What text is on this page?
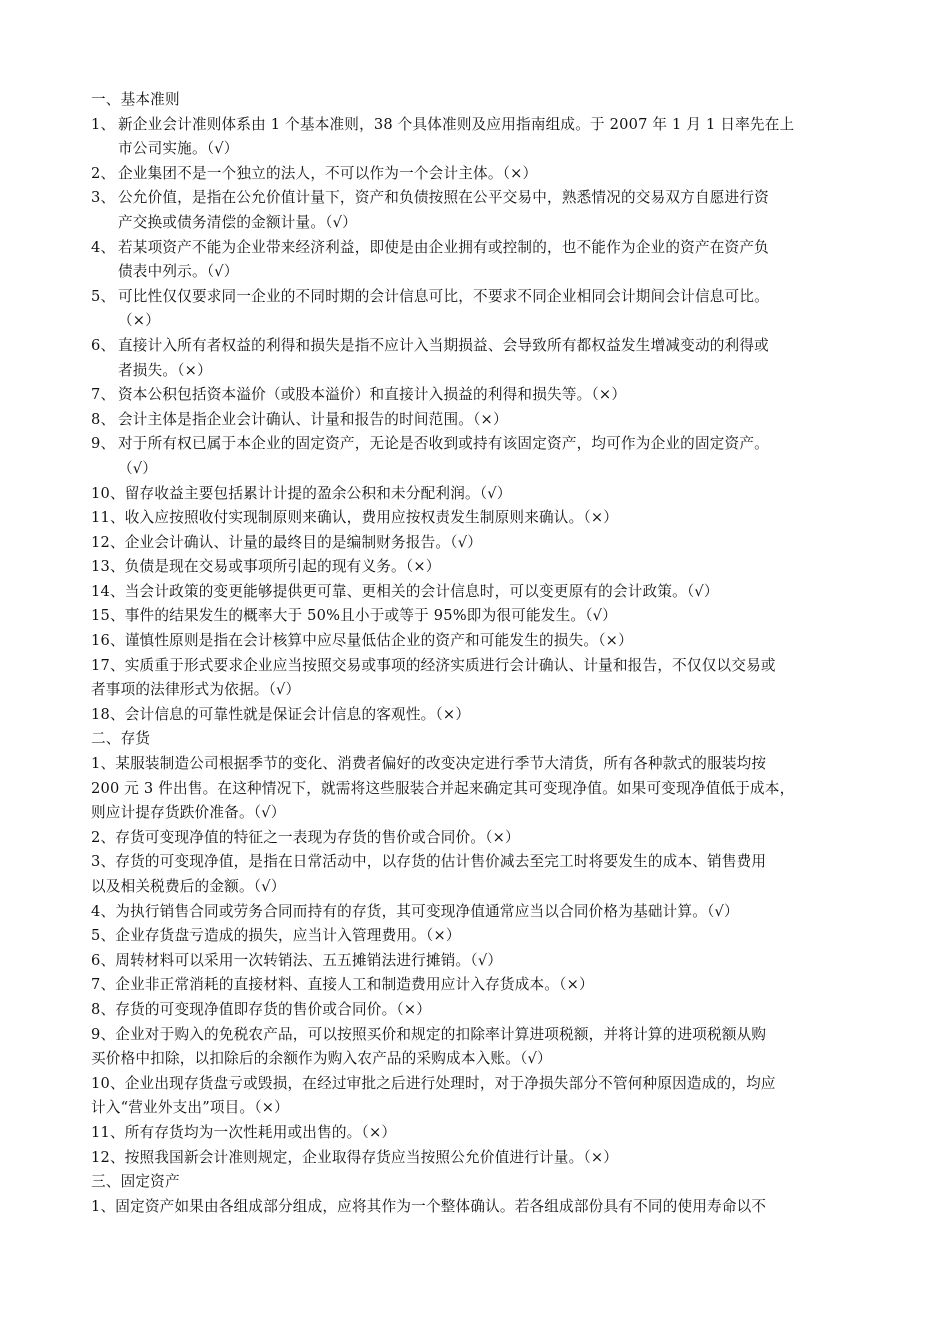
一、基本准则
1、 新企业会计准则体系由 1 个基本准则，38 个具体准则及应用指南组成。于 2007 年 1 月 1 日率先在上
市公司实施。（√）
2、 企业集团不是一个独立的法人，不可以作为一个会计主体。（×）
3、 公允价值，是指在公允价值计量下，资产和负债按照在公平交易中，熟悉情况的交易双方自愿进行资
产交换或债务清偿的金额计量。（√）
4、 若某项资产不能为企业带来经济利益，即使是由企业拥有或控制的，也不能作为企业的资产在资产负
债表中列示。（√）
5、 可比性仅仅要求同一企业的不同时期的会计信息可比，不要求不同企业相同会计期间会计信息可比。
（×）
6、 直接计入所有者权益的利得和损失是指不应计入当期损益、会导致所有都权益发生增减变动的利得或
者损失。（×）
7、 资本公积包括资本溢价（或股本溢价）和直接计入损益的利得和损失等。（×）
8、 会计主体是指企业会计确认、计量和报告的时间范围。（×）
9、 对于所有权已属于本企业的固定资产，无论是否收到或持有该固定资产，均可作为企业的固定资产。
（√）
10、留存收益主要包括累计计提的盈余公积和未分配利润。（√）
11、收入应按照收付实现制原则来确认，费用应按权责发生制原则来确认。（×）
12、企业会计确认、计量的最终目的是编制财务报告。（√）
13、负债是现在交易或事项所引起的现有义务。（×）
14、当会计政策的变更能够提供更可靠、更相关的会计信息时，可以变更原有的会计政策。（√）
15、事件的结果发生的概率大于 50%且小于或等于 95%即为很可能发生。（√）
16、谨慎性原则是指在会计核算中应尽量低估企业的资产和可能发生的损失。（×）
17、实质重于形式要求企业应当按照交易或事项的经济实质进行会计确认、计量和报告，不仅仅以交易或
者事项的法律形式为依据。（√）
18、会计信息的可靠性就是保证会计信息的客观性。（×）
二、存货
1、某服装制造公司根据季节的变化、消费者偏好的改变决定进行季节大清货，所有各种款式的服装均按
200 元 3 件出售。在这种情况下，就需将这些服装合并起来确定其可变现净值。如果可变现净值低于成本，
则应计提存货跌价准备。（√）
2、存货可变现净值的特征之一表现为存货的售价或合同价。（×）
3、存货的可变现净值，是指在日常活动中，以存货的估计售价减去至完工时将要发生的成本、销售费用
以及相关税费后的金额。（√）
4、为执行销售合同或劳务合同而持有的存货，其可变现净值通常应当以合同价格为基础计算。（√）
5、企业存货盘亏造成的损失，应当计入管理费用。（×）
6、周转材料可以采用一次转销法、五五摊销法进行摊销。（√）
7、企业非正常消耗的直接材料、直接人工和制造费用应计入存货成本。（×）
8、存货的可变现净值即存货的售价或合同价。（×）
9、企业对于购入的免税农产品，可以按照买价和规定的扣除率计算进项税额，并将计算的进项税额从购
买价格中扣除，以扣除后的余额作为购入农产品的采购成本入账。（√）
10、企业出现存货盘亏或毁损，在经过审批之后进行处理时，对于净损失部分不管何种原因造成的，均应
计入“营业外支出”项目。（×）
11、所有存货均为一次性耗用或出售的。（×）
12、按照我国新会计准则规定，企业取得存货应当按照公允价值进行计量。（×）
三、固定资产
1、固定资产如果由各组成部分组成，应将其作为一个整体确认。若各组成部份具有不同的使用寿命以不
